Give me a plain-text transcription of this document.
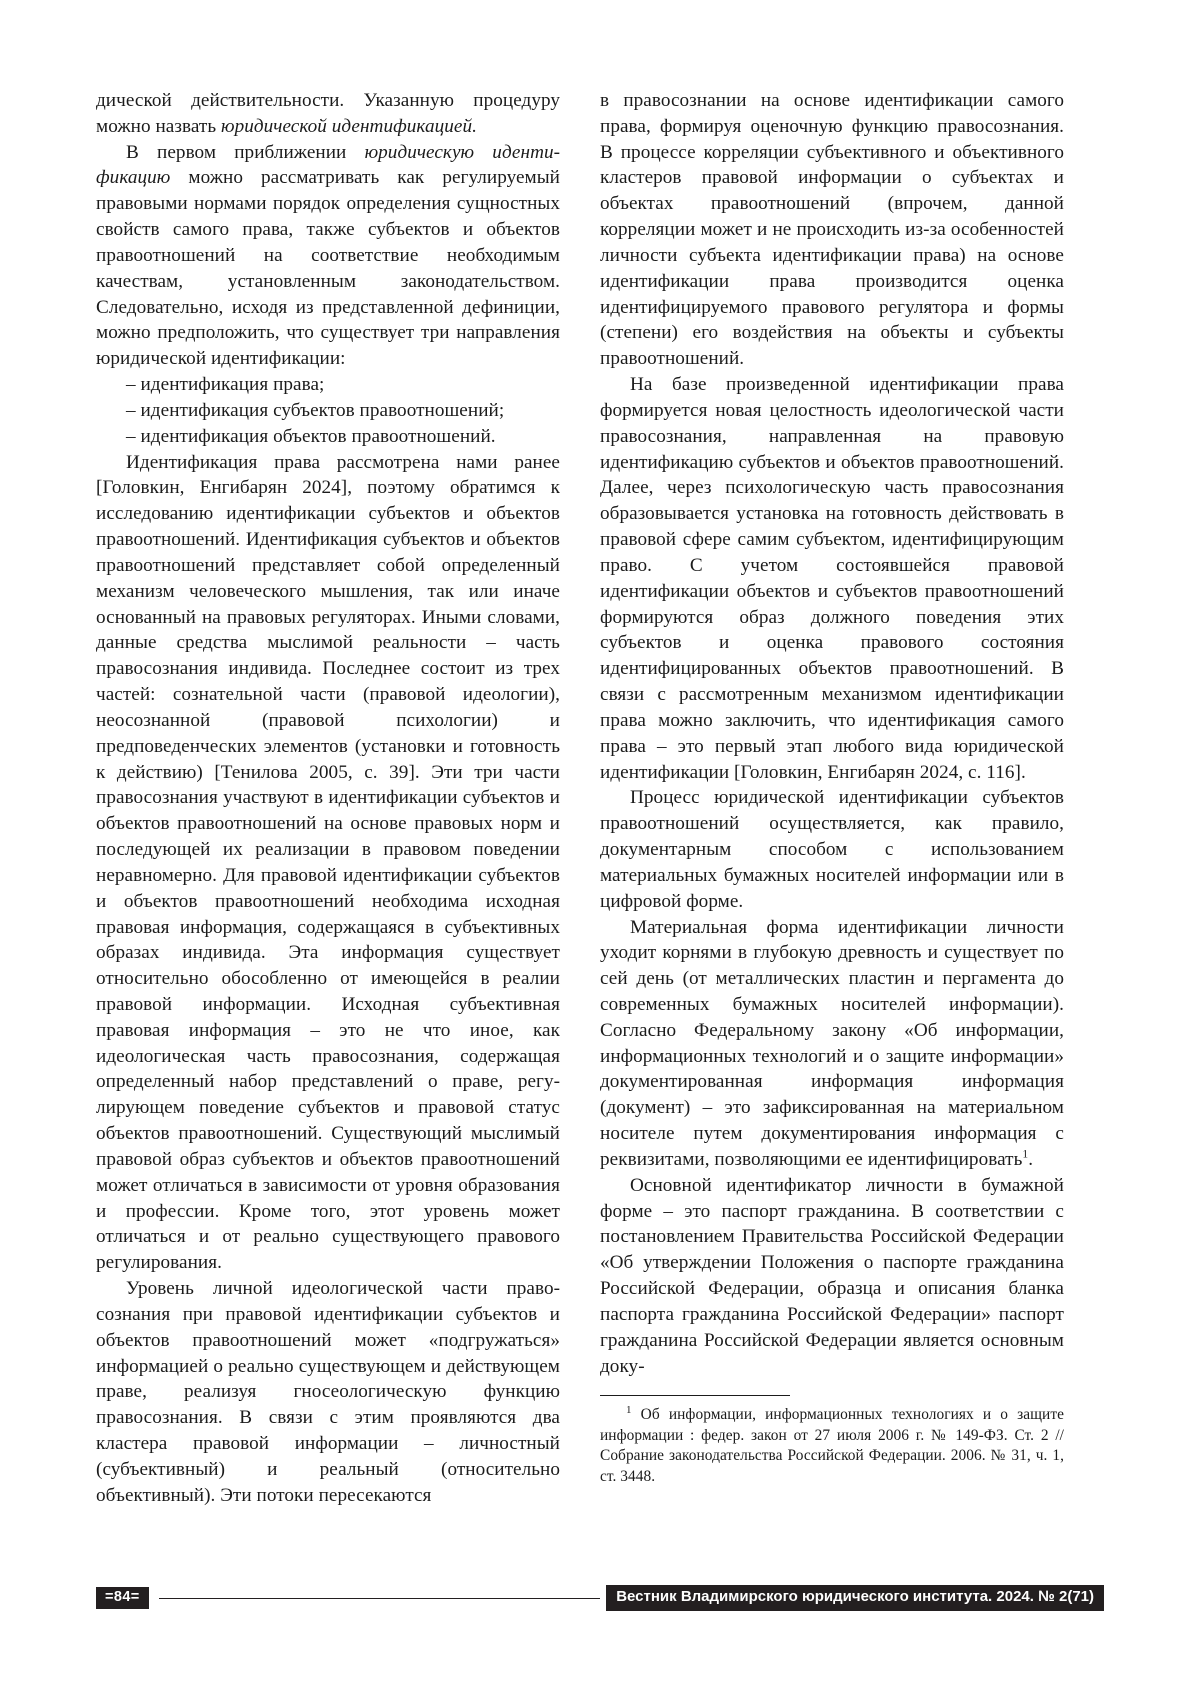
дической действительности. Указанную процедуру можно назвать юридической идентификацией.

В первом приближении юридическую идентификацию можно рассматривать как регулируемый правовыми нормами порядок определения сущностных свойств самого права, также субъектов и объектов правоотношений на соответствие необходимым качествам, установленным законодательством. Следовательно, исходя из представленной дефиниции, можно предположить, что существует три направления юридической идентификации:

– идентификация права;

– идентификация субъектов правоотношений;

– идентификация объектов правоотношений.

Идентификация права рассмотрена нами ранее [Головкин, Енгибарян 2024], поэтому обратимся к исследованию идентификации субъектов и объектов правоотношений. Идентификация субъектов и объектов правоотношений представляет собой определенный механизм человеческого мышления, так или иначе основанный на правовых регуляторах. Иными словами, данные средства мыслимой реальности – часть правосознания индивида. Последнее состоит из трех частей: сознательной части (правовой идеологии), неосознанной (правовой психологии) и предповеденческих элементов (установки и готовность к действию) [Тенилова 2005, с. 39]. Эти три части правосознания участвуют в идентификации субъектов и объектов правоотношений на основе правовых норм и последующей их реализации в правовом поведении неравномерно. Для правовой идентификации субъектов и объектов правоотношений необходима исходная правовая информация, содержащаяся в субъективных образах индивида. Эта информация существует относительно обособленно от имеющейся в реалии правовой информации. Исходная субъективная правовая информация – это не что иное, как идеологическая часть правосознания, содержащая определенный набор представлений о праве, регулирующем поведение субъектов и правовой статус объектов правоотношений. Существующий мыслимый правовой образ субъектов и объектов правоотношений может отличаться в зависимости от уровня образования и профессии. Кроме того, этот уровень может отличаться и от реально существующего правового регулирования.

Уровень личной идеологической части правосознания при правовой идентификации субъектов и объектов правоотношений может «подгружаться» информацией о реально существующем и действующем праве, реализуя гносеологическую функцию правосознания. В связи с этим проявляются два кластера правовой информации – личностный (субъективный) и реальный (относительно объективный). Эти потоки пересекаются

в правосознании на основе идентификации самого права, формируя оценочную функцию правосознания. В процессе корреляции субъективного и объективного кластеров правовой информации о субъектах и объектах правоотношений (впрочем, данной корреляции может и не происходить из-за особенностей личности субъекта идентификации права) на основе идентификации права производится оценка идентифицируемого правового регулятора и формы (степени) его воздействия на объекты и субъекты правоотношений.

На базе произведенной идентификации права формируется новая целостность идеологической части правосознания, направленная на правовую идентификацию субъектов и объектов правоотношений. Далее, через психологическую часть правосознания образовывается установка на готовность действовать в правовой сфере самим субъектом, идентифицирующим право. С учетом состоявшейся правовой идентификации объектов и субъектов правоотношений формируются образ должного поведения этих субъектов и оценка правового состояния идентифицированных объектов правоотношений. В связи с рассмотренным механизмом идентификации права можно заключить, что идентификация самого права – это первый этап любого вида юридической идентификации [Головкин, Енгибарян 2024, с. 116].

Процесс юридической идентификации субъектов правоотношений осуществляется, как правило, документарным способом с использованием материальных бумажных носителей информации или в цифровой форме.

Материальная форма идентификации личности уходит корнями в глубокую древность и существует по сей день (от металлических пластин и пергамента до современных бумажных носителей информации). Согласно Федеральному закону «Об информации, информационных технологий и о защите информации» документированная информация информация (документ) – это зафиксированная на материальном носителе путем документирования информация с реквизитами, позволяющими ее идентифицировать$^1$.

Основной идентификатор личности в бумажной форме – это паспорт гражданина. В соответствии с постановлением Правительства Российской Федерации «Об утверждении Положения о паспорте гражданина Российской Федерации, образца и описания бланка паспорта гражданина Российской Федерации» паспорт гражданина Российской Федерации является основным доку-

$^1$ Об информации, информационных технологиях и о защите информации : федер. закон от 27 июля 2006 г. № 149-ФЗ. Ст. 2 // Собрание законодательства Российской Федерации. 2006. № 31, ч. 1, ст. 3448.

=84=	Вестник Владимирского юридического института. 2024. № 2(71)
